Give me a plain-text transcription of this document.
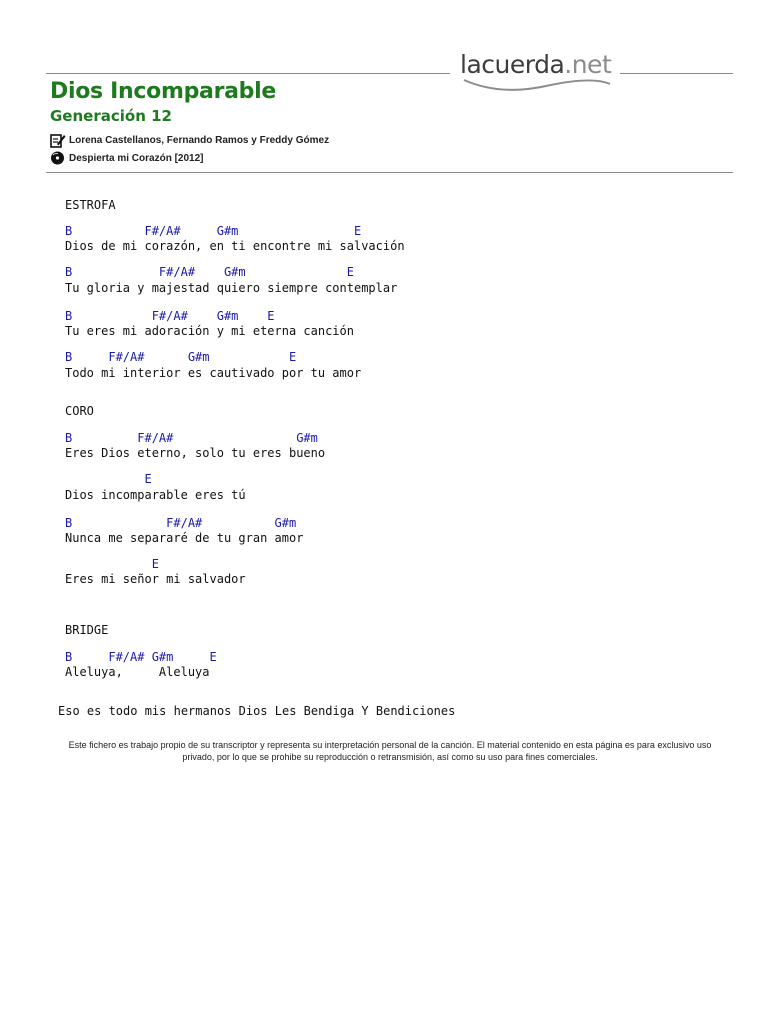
lacuerda.net
Dios Incomparable
Generación 12
Lorena Castellanos, Fernando Ramos y Freddy Gómez
Despierta mi Corazón [2012]
ESTROFA
B          F#/A#     G#m                E
Dios de mi corazón, en ti encontre mi salvación
B            F#/A#    G#m              E
Tu gloria y majestad quiero siempre contemplar
B           F#/A#    G#m    E
Tu eres mi adoración y mi eterna canción
B     F#/A#      G#m           E
Todo mi interior es cautivado por tu amor
CORO
B         F#/A#                 G#m
Eres Dios eterno, solo tu eres bueno
E
Dios incomparable eres tú
B             F#/A#          G#m
Nunca me separaré de tu gran amor
E
Eres mi señor mi salvador
BRIDGE
B     F#/A# G#m     E
Aleluya,     Aleluya
Eso es todo mis hermanos Dios Les Bendiga Y Bendiciones
Este fichero es trabajo propio de su transcriptor y representa su interpretación personal de la canción. El material contenido en esta página es para exclusivo uso privado, por lo que se prohibe su reproducción o retransmisión, así como su uso para fines comerciales.
